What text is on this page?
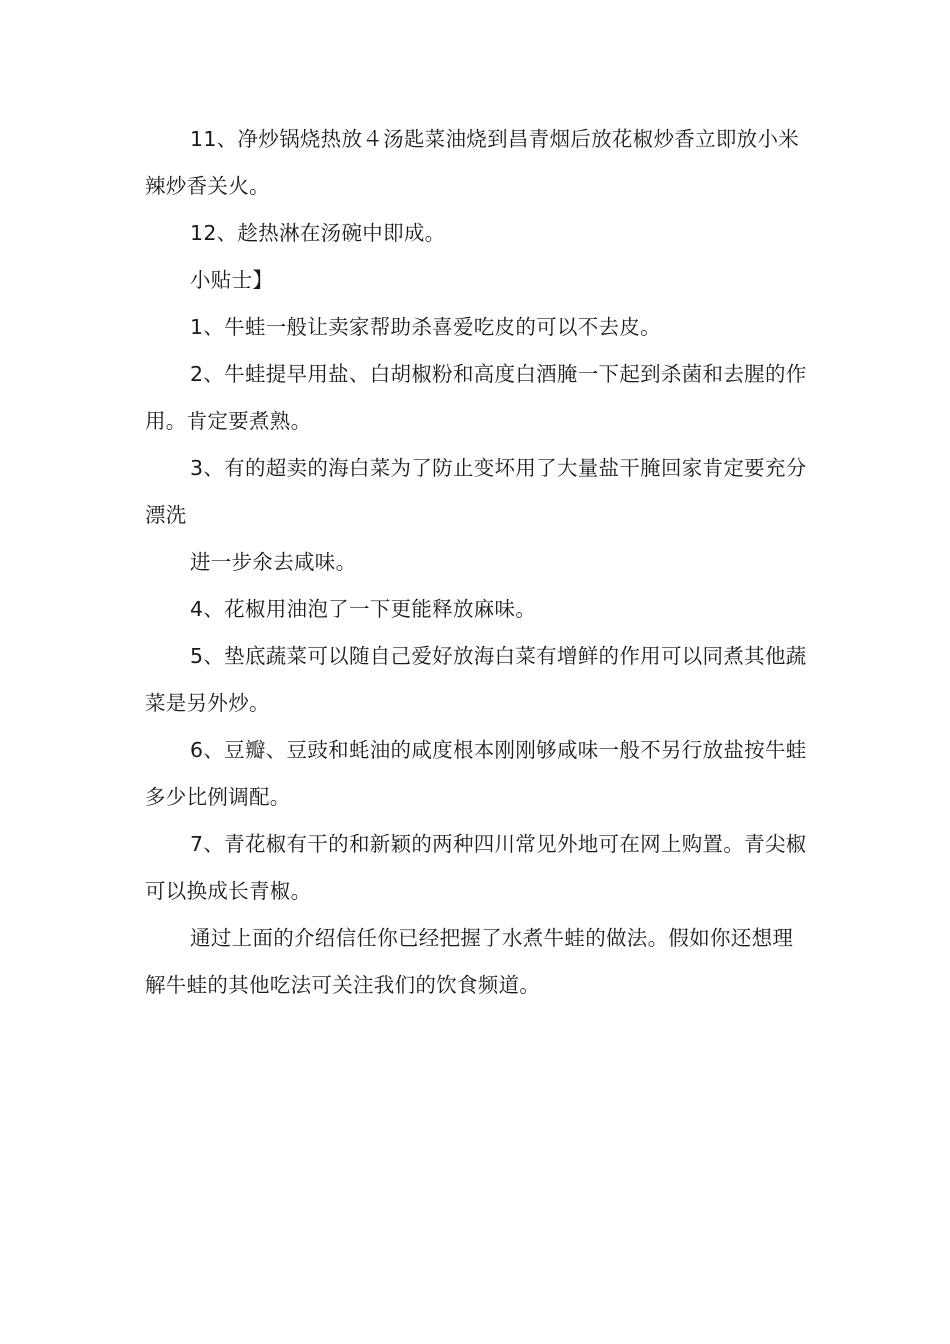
11、净炒锅烧热放４汤匙菜油烧到昌青烟后放花椒炒香立即放小米辣炒香关火。

12、趁热淋在汤碗中即成。

小贴士】

1、牛蛙一般让卖家帮助杀喜爱吃皮的可以不去皮。

2、牛蛙提早用盐、白胡椒粉和高度白酒腌一下起到杀菌和去腥的作用。肯定要煮熟。

3、有的超卖的海白菜为了防止变坏用了大量盐干腌回家肯定要充分漂洗

进一步氽去咸味。

4、花椒用油泡了一下更能释放麻味。

5、垫底蔬菜可以随自己爱好放海白菜有增鲜的作用可以同煮其他蔬菜是另外炒。

6、豆瓣、豆豉和蚝油的咸度根本刚刚够咸味一般不另行放盐按牛蛙多少比例调配。

7、青花椒有干的和新颖的两种四川常见外地可在网上购置。青尖椒可以换成长青椒。

通过上面的介绍信任你已经把握了水煮牛蛙的做法。假如你还想理解牛蛙的其他吃法可关注我们的饮食频道。
